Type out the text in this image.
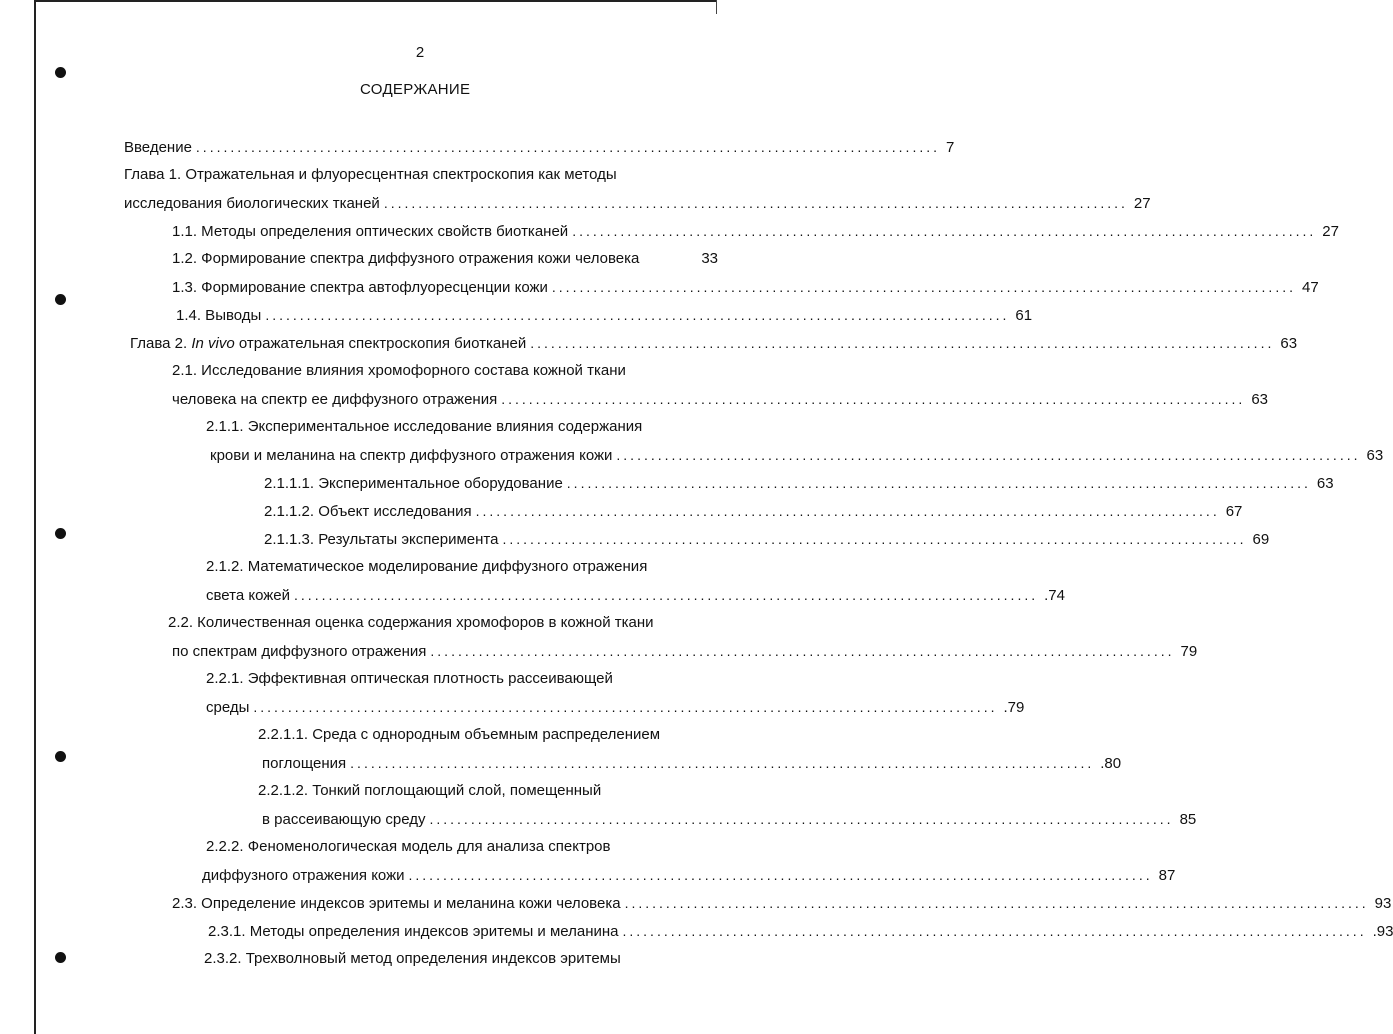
2
СОДЕРЖАНИЕ
Введение ............................................................................................................ 7
Глава 1. Отражательная и флуоресцентная спектроскопия как методы
исследования биологических тканей ............................................................................................................ 27
1.1. Методы определения оптических свойств биотканей ............................................................................................................ 27
1.2. Формирование спектра диффузного отражения кожи человека	33
1.3. Формирование спектра автофлуоресценции кожи ............................................................................................................ 47
1.4. Выводы ............................................................................................................ 61
Глава 2. In vivo отражательная спектроскопия биотканей ............................................................................................................ 63
2.1. Исследование влияния хромофорного состава кожной ткани
человека на спектр ее диффузного отражения ............................................................................................................ 63
2.1.1. Экспериментальное исследование влияния содержания
крови и меланина на спектр диффузного отражения кожи ............................................................................................................ 63
2.1.1.1. Экспериментальное оборудование ............................................................................................................ 63
2.1.1.2. Объект исследования ............................................................................................................ 67
2.1.1.3. Результаты эксперимента ............................................................................................................ 69
2.1.2. Математическое моделирование диффузного отражения
света кожей ............................................................................................................ .74
2.2. Количественная оценка содержания хромофоров в кожной ткани
по спектрам диффузного отражения ............................................................................................................ 79
2.2.1. Эффективная оптическая плотность рассеивающей
среды ............................................................................................................ .79
2.2.1.1. Среда с однородным объемным распределением
поглощения ............................................................................................................ .80
2.2.1.2. Тонкий поглощающий слой, помещенный
в рассеивающую среду ............................................................................................................ 85
2.2.2. Феноменологическая модель для анализа спектров
диффузного отражения кожи ............................................................................................................ 87
2.3. Определение индексов эритемы и меланина кожи человека ............................................................................................................ 93
2.3.1. Методы определения индексов эритемы и меланина ............................................................................................................ .93
2.3.2. Трехволновый метод определения индексов эритемы
